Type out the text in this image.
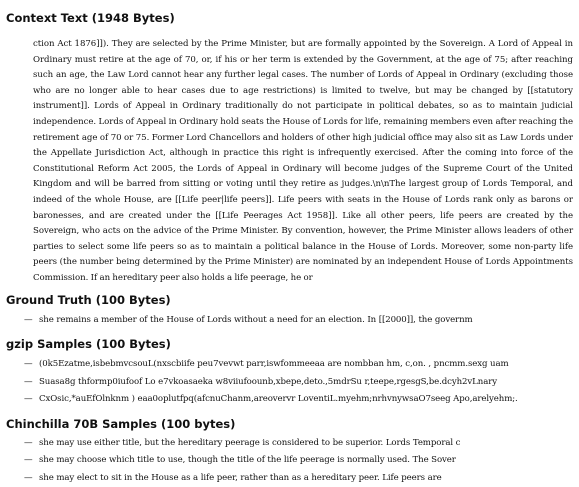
Context Text (1948 Bytes)

ction Act 1876]]). They are selected by the Prime Minister, but are formally appointed by the Sovereign. A Lord of Appeal in Ordinary must retire at the age of 70, or, if his or her term is extended by the Government, at the age of 75; after reaching such an age, the Law Lord cannot hear any further legal cases. The number of Lords of Appeal in Ordinary (excluding those who are no longer able to hear cases due to age restrictions) is limited to twelve, but may be changed by [[statutory instrument]]. Lords of Appeal in Ordinary traditionally do not participate in political debates, so as to maintain judicial independence. Lords of Appeal in Ordinary hold seats the House of Lords for life, remaining members even after reaching the retirement age of 70 or 75. Former Lord Chancellors and holders of other high judicial office may also sit as Law Lords under the Appellate Jurisdiction Act, although in practice this right is infrequently exercised. After the coming into force of the Constitutional Reform Act 2005, the Lords of Appeal in Ordinary will become judges of the Supreme Court of the United Kingdom and will be barred from sitting or voting until they retire as judges.\n\nThe largest group of Lords Temporal, and indeed of the whole House, are [[Life peer|life peers]]. Life peers with seats in the House of Lords rank only as barons or baronesses, and are created under the [[Life Peerages Act 1958]]. Like all other peers, life peers are created by the Sovereign, who acts on the advice of the Prime Minister. By convention, however, the Prime Minister allows leaders of other parties to select some life peers so as to maintain a political balance in the House of Lords. Moreover, some non-party life peers (the number being determined by the Prime Minister) are nominated by an independent House of Lords Appointments Commission. If an hereditary peer also holds a life peerage, he or

Ground Truth (100 Bytes)
— she remains a member of the House of Lords without a need for an election. In [[2000]], the governm
gzip Samples (100 Bytes)
— (0k5Ezatme,isbebmvcsouL(nxscbiife peu7vevwt parr,iswfommeeaa are nombban hm, c,on. , pncmm.sexg uam
— Suasa8g thformp0iufoof Lo e7vkoasaeka w8viiufoounb,xbepe,deto.,5mdrSu r,teepe,rgesgS,be.dcyh2vLnary
— CxOsic,*auEfOlnknm ) eaa0oplutfpq(afcnuChanm,areovervr LoventiL.myehm;nrhvnywsaO7seeg Apo,arelyehm;.
Chinchilla 70B Samples (100 bytes)
— she may use either title, but the hereditary peerage is considered to be superior. Lords Temporal c
— she may choose which title to use, though the title of the life peerage is normally used. The Sover
— she may elect to sit in the House as a life peer, rather than as a hereditary peer. Life peers are
